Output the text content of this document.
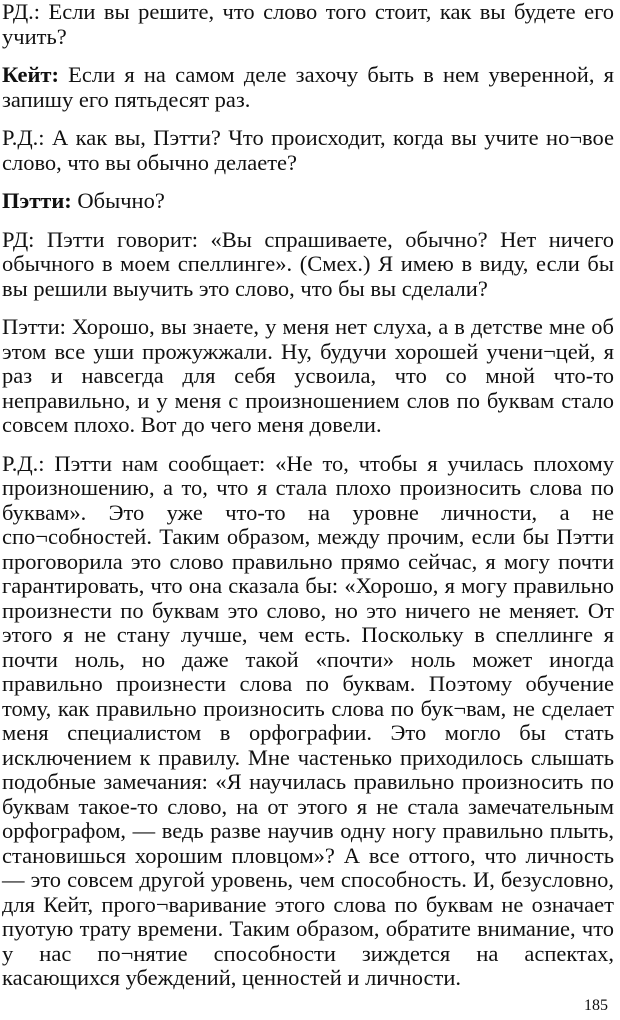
РД.: Если вы решите, что слово того стоит, как вы будете его учить?

Кейт: Если я на самом деле захочу быть в нем уверенной, я запишу его пятьдесят раз.

Р.Д.: А как вы, Пэтти? Что происходит, когда вы учите но¬вое слово, что вы обычно делаете?

Пэтти: Обычно?

РД: Пэтти говорит: «Вы спрашиваете, обычно? Нет ничего обычного в моем спеллинге». (Смех.) Я имею в виду, если бы вы решили выучить это слово, что бы вы сделали?

Пэтти: Хорошо, вы знаете, у меня нет слуха, а в детстве мне об этом все уши прожужжали. Ну, будучи хорошей учени¬цей, я раз и навсегда для себя усвоила, что со мной что-то неправильно, и у меня с произношением слов по буквам стало совсем плохо. Вот до чего меня довели.

Р.Д.: Пэтти нам сообщает: «Не то, чтобы я училась плохому произношению, а то, что я стала плохо произносить слова по буквам». Это уже что-то на уровне личности, а не спо¬собностей. Таким образом, между прочим, если бы Пэтти проговорила это слово правильно прямо сейчас, я могу почти гарантировать, что она сказала бы: «Хорошо, я могу правильно произнести по буквам это слово, но это ничего не меняет. От этого я не стану лучше, чем есть. Поскольку в спеллинге я почти ноль, но даже такой «почти» ноль может иногда правильно произнести слова по буквам. Поэтому обучение тому, как правильно произносить слова по бук¬вам, не сделает меня специалистом в орфографии. Это могло бы стать исключением к правилу. Мне частенько приходилось слышать подобные замечания: «Я научилась правильно произносить по буквам такое-то слово, на от этого я не стала замечательным орфографом, — ведь разве научив одну ногу правильно плыть, становишься хорошим пловцом»? А все оттого, что личность — это совсем другой уровень, чем способность. И, безусловно, для Кейт, прого¬варивание этого слова по буквам не означает пуотую трату времени. Таким образом, обратите внимание, что у нас по¬нятие способности зиждется на аспектах, касающихся убеждений, ценностей и личности.

185
